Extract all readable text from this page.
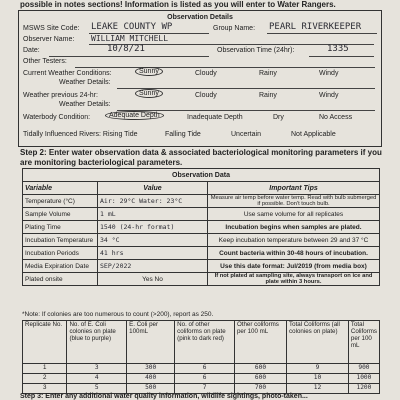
possible in notes sections! Information is listed as you will enter to Water Rangers.
Observation Details
MSWS Site Code: LEAKE COUNTY WP	Group Name: PEARL RIVERKEEPER
Observer Name: WILLIAM MITCHELL
Date:	10/8/21	Observation Time (24hr):	1335
Other Testers:
Current Weather Conditions:	Sunny	Cloudy	Rainy	Windy
Weather Details:
Weather previous 24-hr:	Sunny	Cloudy	Rainy	Windy
Weather Details:
Waterbody Condition:	Adequate Depth	Inadequate Depth	Dry	No Access
Tidally Influenced Rivers: Rising Tide	Falling Tide	Uncertain	Not Applicable
Step 2: Enter water observation data & associated bacteriological monitoring parameters if you are monitoring bacteriological parameters.
Observation Data		
Variable	Value	Important Tips
Temperature (°C)	Air: 29°C Water: 23°C	Measure air temp before water temp. Read with bulb submerged if possible. Don't touch bulb.
Sample Volume	1 mL	Use same volume for all replicates
Plating Time	1540 (24-hr format)	Incubation begins when samples are plated.
Incubation Temperature	34 °C	Keep incubation temperature between 29 and 37 °C
Incubation Periods	41 hrs	Count bacteria within 30-48 hours of incubation.
Media Expiration Date	SEP/2022	Use this date format: Jul/2019 (from media box)
Plated onsite	Yes No	If not plated at sampling site, always transport on ice and plate within 3 hours.
*Note: If colonies are too numerous to count (>200), report as 250.
Replicate No.	No. of E. Coli colonies on plate (blue to purple)	E. Coli per 100mL	No. of other coliforms on plate (pink to dark red)	Other coliforms per 100 mL	Total Coliforms (all colonies on plate)	Total Coliforms per 100 mL
1	3	300	6	600	9	900
2	4	400	6	600	10	1000
3	5	500	7	700	12	1200
Step 3: Enter any additional water quality information, wildlife sightings, photo-taken...
